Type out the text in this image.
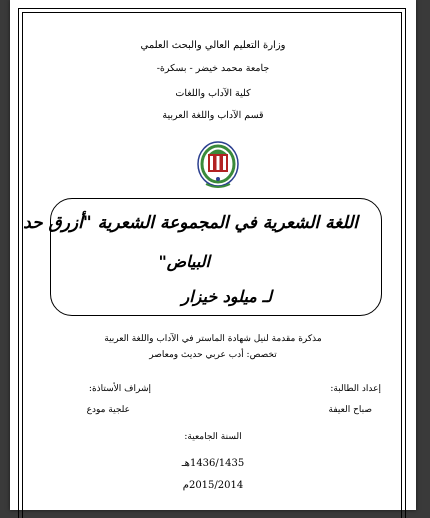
وزارة التعليم العالي والبحث العلمي
جامعة محمد خيضر - بسكرة-
كلية الآداب واللغات
قسم الآداب واللغة العربية
اللغة الشعرية في المجموعة الشعرية "أزرق حد
البياض"
لـ ميلود خيزار
مذكرة مقدمة لنيل شهادة الماستر في الآداب واللغة العربية
تخصص: أدب عربي حديث ومعاصر
إعداد الطالبة:
إشراف الأستاذة:
صباح العيفة
علجية مودع
السنة الجامعية:
1436/1435هـ
2015/2014م
